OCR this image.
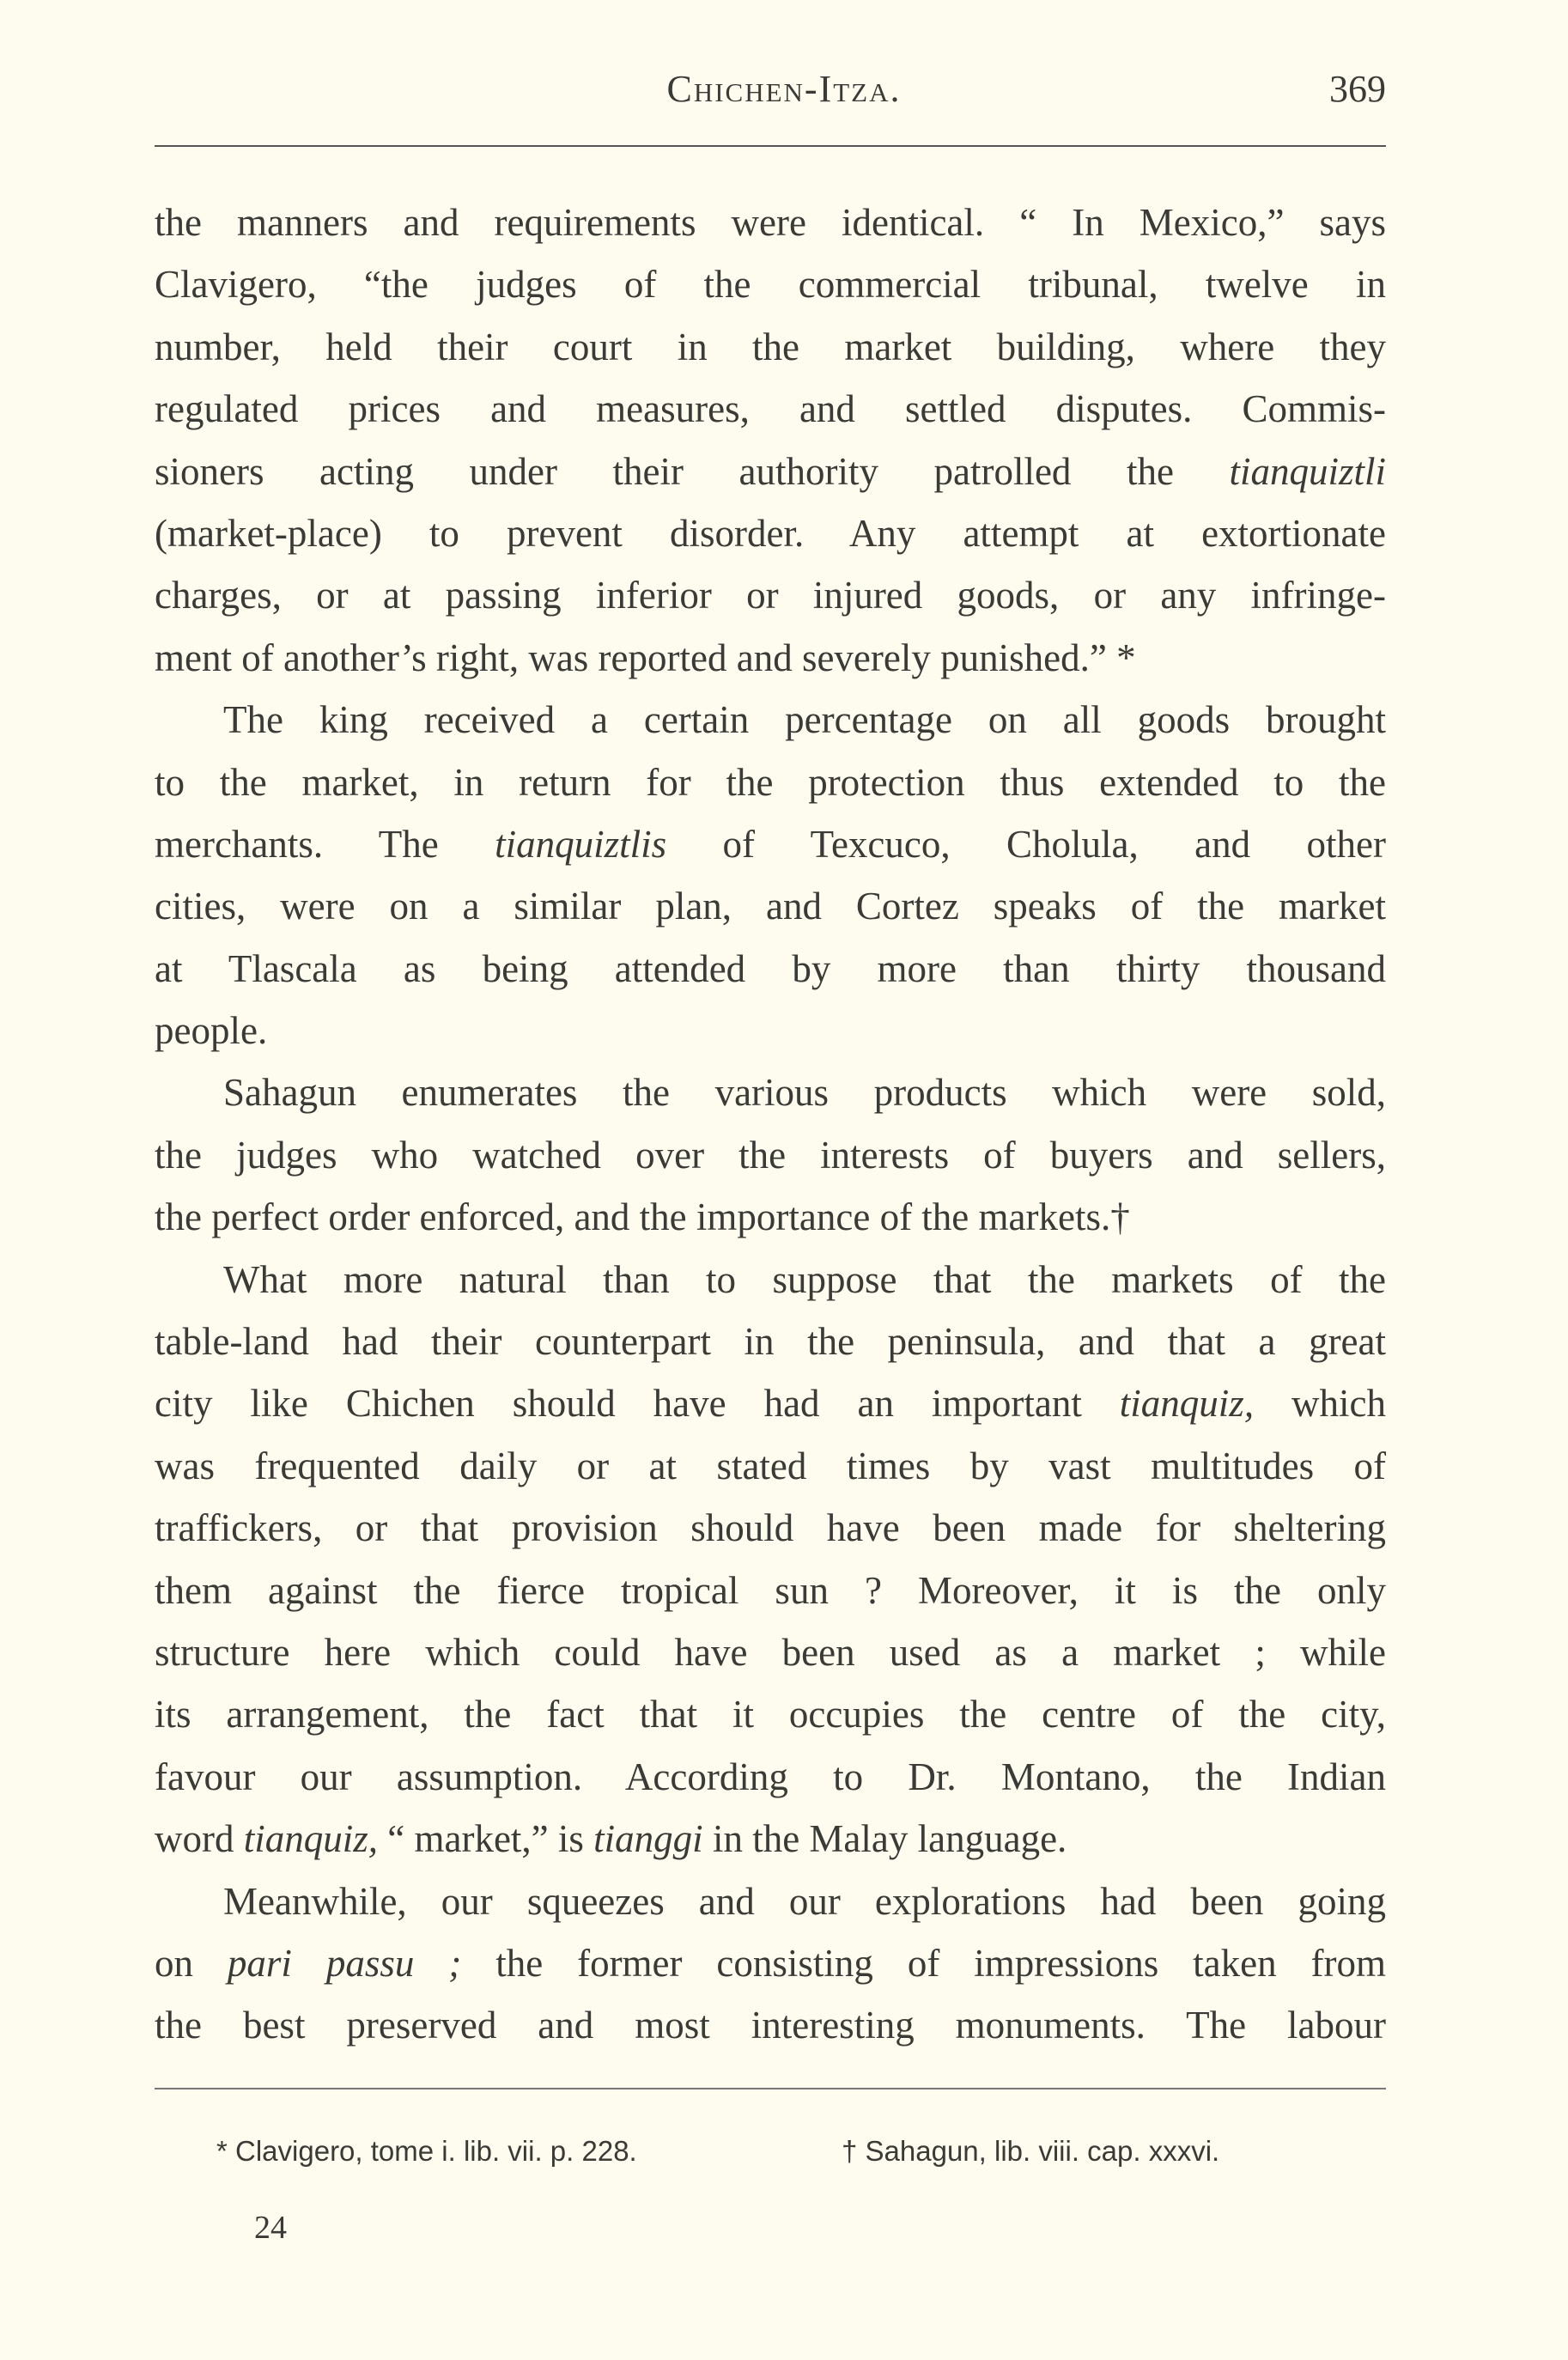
Chichen-Itza.	369
the manners and requirements were identical. “ In Mexico,” says
Clavigero, “the judges of the commercial tribunal, twelve in
number, held their court in the market building, where they
regulated prices and measures, and settled disputes. Commis-
sioners acting under their authority patrolled the tianquiztli
(market-place) to prevent disorder. Any attempt at extortionate
charges, or at passing inferior or injured goods, or any infringe-
ment of another’s right, was reported and severely punished.” *
The king received a certain percentage on all goods brought
to the market, in return for the protection thus extended to the
merchants. The tianquiztlis of Texcuco, Cholula, and other
cities, were on a similar plan, and Cortez speaks of the market
at Tlascala as being attended by more than thirty thousand
people.
Sahagun enumerates the various products which were sold,
the judges who watched over the interests of buyers and sellers,
the perfect order enforced, and the importance of the markets.†
What more natural than to suppose that the markets of the
table-land had their counterpart in the peninsula, and that a great
city like Chichen should have had an important tianquiz, which
was frequented daily or at stated times by vast multitudes of
traffickers, or that provision should have been made for sheltering
them against the fierce tropical sun ? Moreover, it is the only
structure here which could have been used as a market ; while
its arrangement, the fact that it occupies the centre of the city,
favour our assumption. According to Dr. Montano, the Indian
word tianquiz, “ market,” is tianggi in the Malay language.
Meanwhile, our squeezes and our explorations had been going
on pari passu ; the former consisting of impressions taken from
the best preserved and most interesting monuments. The labour
* Clavigero, tome i. lib. vii. p. 228.	† Sahagun, lib. viii. cap. xxxvi.
24
